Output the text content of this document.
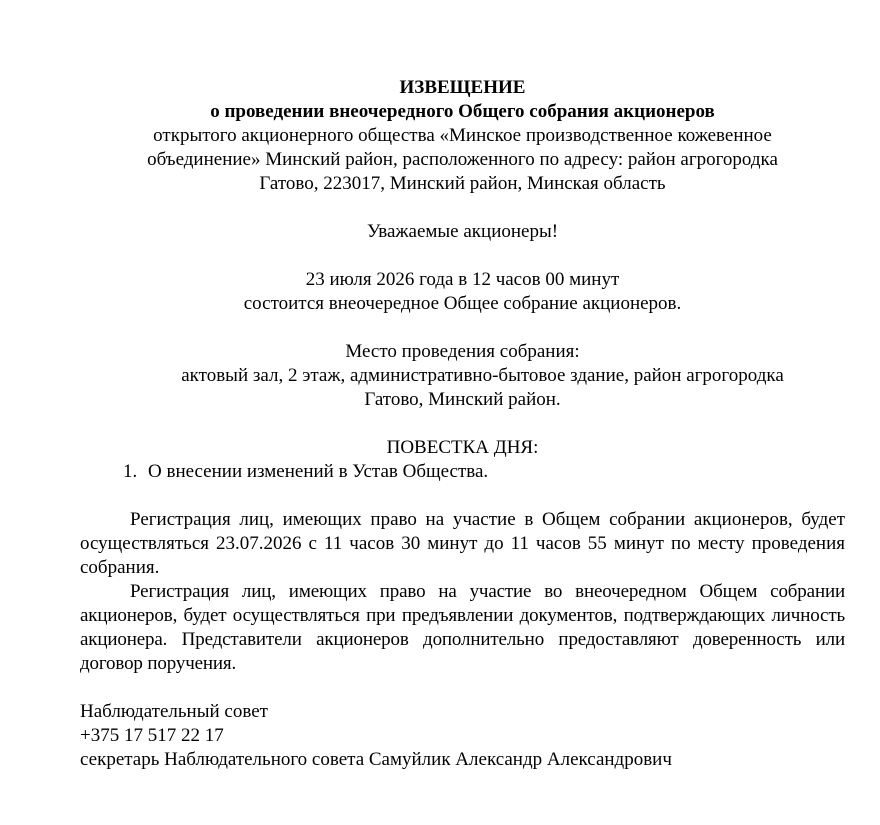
ИЗВЕЩЕНИЕ
о проведении внеочередного Общего собрания акционеров
открытого акционерного общества «Минское производственное кожевенное
объединение» Минский район, расположенного по адресу: район агрогородка
Гатово, 223017, Минский район, Минская область
Уважаемые акционеры!
23 июля 2026 года в 12 часов 00 минут
состоится внеочередное Общее собрание акционеров.
Место проведения собрания:
актовый зал, 2 этаж, административно-бытовое здание, район агрогородка
Гатово, Минский район.
ПОВЕСТКА ДНЯ:
1. О внесении изменений в Устав Общества.

Регистрация лиц, имеющих право на участие в Общем собрании акционеров, будет осуществляться 23.07.2026 с 11 часов 30 минут до 11 часов 55 минут по месту проведения собрания.

Регистрация лиц, имеющих право на участие во внеочередном Общем собрании акционеров, будет осуществляться при предъявлении документов, подтверждающих личность акционера. Представители акционеров дополнительно предоставляют доверенность или договор поручения.

Наблюдательный совет
+375 17 517 22 17
секретарь Наблюдательного совета Самуйлик Александр Александрович
